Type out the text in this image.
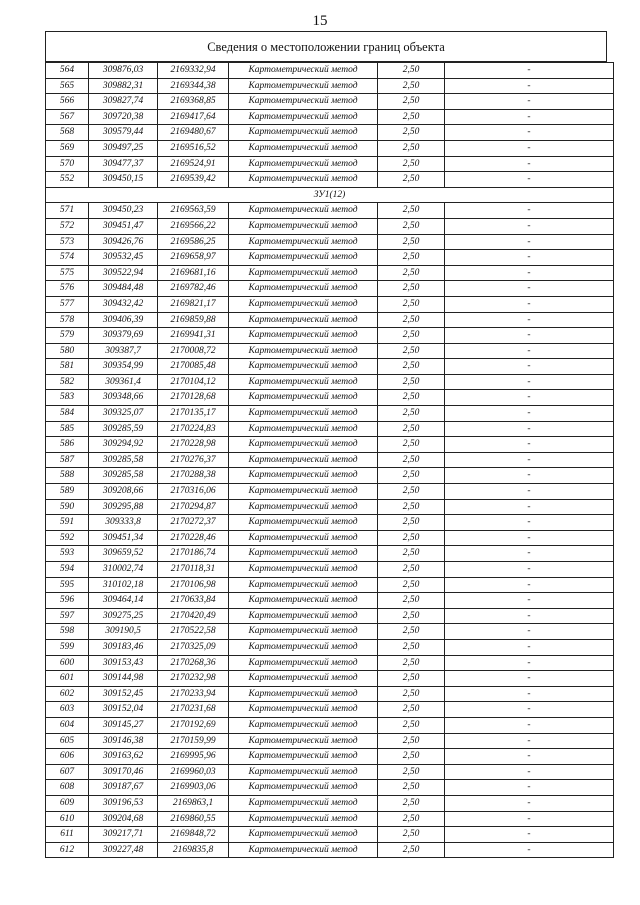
15
Сведения о местоположении границ объекта
564	309876,03	2169332,94	Картометрический метод	2,50	-
565	309882,31	2169344,38	Картометрический метод	2,50	-
566	309827,74	2169368,85	Картометрический метод	2,50	-
567	309720,38	2169417,64	Картометрический метод	2,50	-
568	309579,44	2169480,67	Картометрический метод	2,50	-
569	309497,25	2169516,52	Картометрический метод	2,50	-
570	309477,37	2169524,91	Картометрический метод	2,50	-
552	309450,15	2169539,42	Картометрический метод	2,50	-
ЗУ1(12)					
571	309450,23	2169563,59	Картометрический метод	2,50	-
572	309451,47	2169566,22	Картометрический метод	2,50	-
573	309426,76	2169586,25	Картометрический метод	2,50	-
574	309532,45	2169658,97	Картометрический метод	2,50	-
575	309522,94	2169681,16	Картометрический метод	2,50	-
576	309484,48	2169782,46	Картометрический метод	2,50	-
577	309432,42	2169821,17	Картометрический метод	2,50	-
578	309406,39	2169859,88	Картометрический метод	2,50	-
579	309379,69	2169941,31	Картометрический метод	2,50	-
580	309387,7	2170008,72	Картометрический метод	2,50	-
581	309354,99	2170085,48	Картометрический метод	2,50	-
582	309361,4	2170104,12	Картометрический метод	2,50	-
583	309348,66	2170128,68	Картометрический метод	2,50	-
584	309325,07	2170135,17	Картометрический метод	2,50	-
585	309285,59	2170224,83	Картометрический метод	2,50	-
586	309294,92	2170228,98	Картометрический метод	2,50	-
587	309285,58	2170276,37	Картометрический метод	2,50	-
588	309285,58	2170288,38	Картометрический метод	2,50	-
589	309208,66	2170316,06	Картометрический метод	2,50	-
590	309295,88	2170294,87	Картометрический метод	2,50	-
591	309333,8	2170272,37	Картометрический метод	2,50	-
592	309451,34	2170228,46	Картометрический метод	2,50	-
593	309659,52	2170186,74	Картометрический метод	2,50	-
594	310002,74	2170118,31	Картометрический метод	2,50	-
595	310102,18	2170106,98	Картометрический метод	2,50	-
596	309464,14	2170633,84	Картометрический метод	2,50	-
597	309275,25	2170420,49	Картометрический метод	2,50	-
598	309190,5	2170522,58	Картометрический метод	2,50	-
599	309183,46	2170325,09	Картометрический метод	2,50	-
600	309153,43	2170268,36	Картометрический метод	2,50	-
601	309144,98	2170232,98	Картометрический метод	2,50	-
602	309152,45	2170233,94	Картометрический метод	2,50	-
603	309152,04	2170231,68	Картометрический метод	2,50	-
604	309145,27	2170192,69	Картометрический метод	2,50	-
605	309146,38	2170159,99	Картометрический метод	2,50	-
606	309163,62	2169995,96	Картометрический метод	2,50	-
607	309170,46	2169960,03	Картометрический метод	2,50	-
608	309187,67	2169903,06	Картометрический метод	2,50	-
609	309196,53	2169863,1	Картометрический метод	2,50	-
610	309204,68	2169860,55	Картометрический метод	2,50	-
611	309217,71	2169848,72	Картометрический метод	2,50	-
612	309227,48	2169835,8	Картометрический метод	2,50	-
